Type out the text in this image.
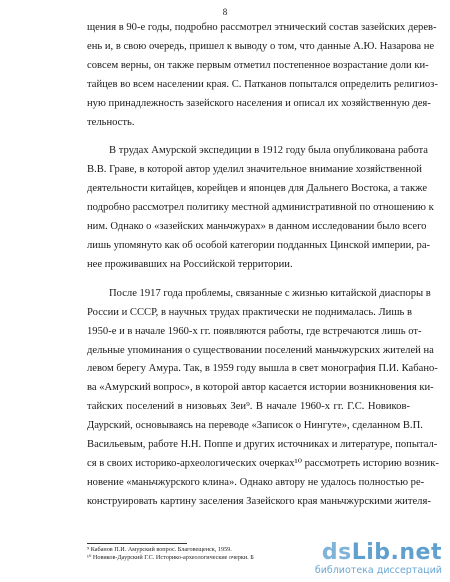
8

щения в 90-е годы, подробно рассмотрел этнический состав зазейских дерев-
ень и, в свою очередь, пришел к выводу о том, что данные А.Ю. Назарова не
совсем верны, он также первым отметил постепенное возрастание доли ки-
тайцев во всем населении края. С. Патканов попытался определить религиоз-
ную принадлежность зазейского населения и описал их хозяйственную дея-
тельность.

В трудах Амурской экспедиции в 1912 году была опубликована работа
В.В. Граве, в которой автор уделил значительное внимание хозяйственной
деятельности китайцев, корейцев и японцев для Дальнего Востока, а также
подробно рассмотрел политику местной административной по отношению к
ним. Однако о «зазейских маньчжурах» в данном исследовании было всего
лишь упомянуто как об особой категории подданных Цинской империи, ра-
нее проживавших на Российской территории.

После 1917 года проблемы, связанные с жизнью китайской диаспоры в
России и СССР, в научных трудах практически не поднималась. Лишь в
1950-е и в начале 1960-х гг. появляются работы, где встречаются лишь от-
дельные упоминания о существовании поселений маньчжурских жителей на
левом берегу Амура. Так, в 1959 году вышла в свет монография П.И. Кабано-
ва «Амурский вопрос», в которой автор касается истории возникновения ки-
тайских поселений в низовьях Зеи⁹. В начале 1960-х гг. Г.С. Новиков-
Даурский, основываясь на переводе «Записок о Нингуте», сделанном В.П.
Васильевым, работе Н.Н. Поппе и других источниках и литературе, попытал-
ся в своих историко-археологических очерках¹⁰ рассмотреть историю возник-
новение «маньчжурского клина». Однако автору не удалось полностью ре-
конструировать картину заселения Зазейского края маньчжурскими жителя-

⁹ Кабанов П.И. Амурский вопрос. Благовещенск, 1959.
¹⁰ Новиков-Даурский Г.С. Историко-археологические очерки. Б	dsLib.net
библиотека диссертаций
